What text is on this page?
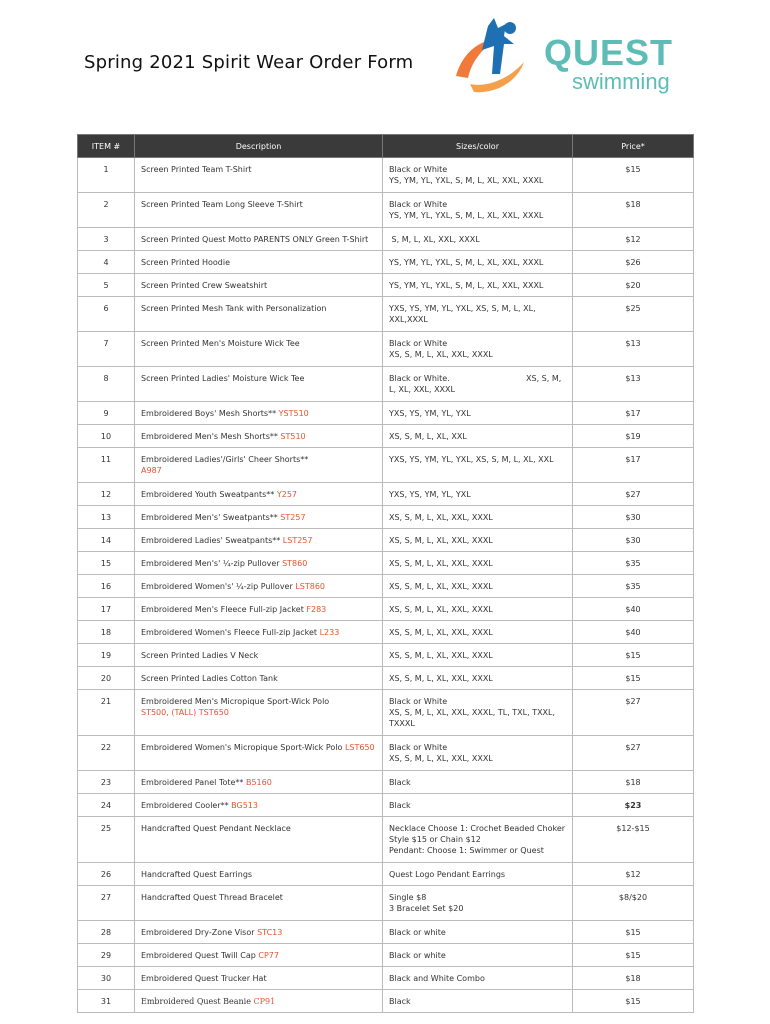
Spring 2021 Spirit Wear Order Form	QUEST
swimming
ITEM #	Description	Sizes/color	Price*
1	Screen Printed Team T-Shirt	Black or White
YS, YM, YL, YXL, S, M, L, XL, XXL, XXXL	$15
2	Screen Printed Team Long Sleeve T-Shirt	Black or White
YS, YM, YL, YXL, S, M, L, XL, XXL, XXXL	$18
3	Screen Printed Quest Motto PARENTS ONLY Green T-Shirt	S, M, L, XL, XXL, XXXL	$12
4	Screen Printed Hoodie	YS, YM, YL, YXL, S, M, L, XL, XXL, XXXL	$26
5	Screen Printed Crew Sweatshirt	YS, YM, YL, YXL, S, M, L, XL, XXL, XXXL	$20
6	Screen Printed Mesh Tank with Personalization	YXS, YS, YM, YL, YXL, XS, S, M, L, XL,
XXL,XXXL	$25
7	Screen Printed Men's Moisture Wick Tee	Black or White
XS, S, M, L, XL, XXL, XXXL	$13
8	Screen Printed Ladies' Moisture Wick Tee	Black or White.                              XS, S, M,
L, XL, XXL, XXXL	$13
9	Embroidered Boys' Mesh Shorts** YST510	YXS, YS, YM, YL, YXL	$17
10	Embroidered Men's Mesh Shorts** ST510	XS, S, M, L, XL, XXL	$19
11	Embroidered Ladies'/Girls' Cheer Shorts**
A987	YXS, YS, YM, YL, YXL, XS, S, M, L, XL, XXL	$17
12	Embroidered Youth Sweatpants** Y257	YXS, YS, YM, YL, YXL	$27
13	Embroidered Men's' Sweatpants** ST257	XS, S, M, L, XL, XXL, XXXL	$30
14	Embroidered Ladies' Sweatpants** LST257	XS, S, M, L, XL, XXL, XXXL	$30
15	Embroidered Men's' ¼-zip Pullover ST860	XS, S, M, L, XL, XXL, XXXL	$35
16	Embroidered Women's' ¼-zip Pullover LST860	XS, S, M, L, XL, XXL, XXXL	$35
17	Embroidered Men's Fleece Full-zip Jacket F283	XS, S, M, L, XL, XXL, XXXL	$40
18	Embroidered Women's Fleece Full-zip Jacket L233	XS, S, M, L, XL, XXL, XXXL	$40
19	Screen Printed Ladies V Neck	XS, S, M, L, XL, XXL, XXXL	$15
20	Screen Printed Ladies Cotton Tank	XS, S, M, L, XL, XXL, XXXL	$15
21	Embroidered Men's Micropique Sport-Wick Polo
ST500, (TALL) TST650	Black or White
XS, S, M, L, XL, XXL, XXXL, TL, TXL, TXXL,
TXXXL	$27
22	Embroidered Women's Micropique Sport-Wick Polo LST650	Black or White
XS, S, M, L, XL, XXL, XXXL	$27
23	Embroidered Panel Tote** B5160	Black	$18
24	Embroidered Cooler** BG513	Black	$23
25	Handcrafted Quest Pendant Necklace	Necklace Choose 1: Crochet Beaded Choker
Style $15 or Chain $12
Pendant: Choose 1: Swimmer or Quest	$12-$15
26	Handcrafted Quest Earrings	Quest Logo Pendant Earrings	$12
27	Handcrafted Quest Thread Bracelet	Single $8
3 Bracelet Set $20	$8/$20
28	Embroidered Dry-Zone Visor STC13	Black or white	$15
29	Embroidered Quest Twill Cap CP77	Black or white	$15
30	Embroidered Quest Trucker Hat	Black and White Combo	$18
31	Embroidered Quest Beanie CP91	Black	$15
